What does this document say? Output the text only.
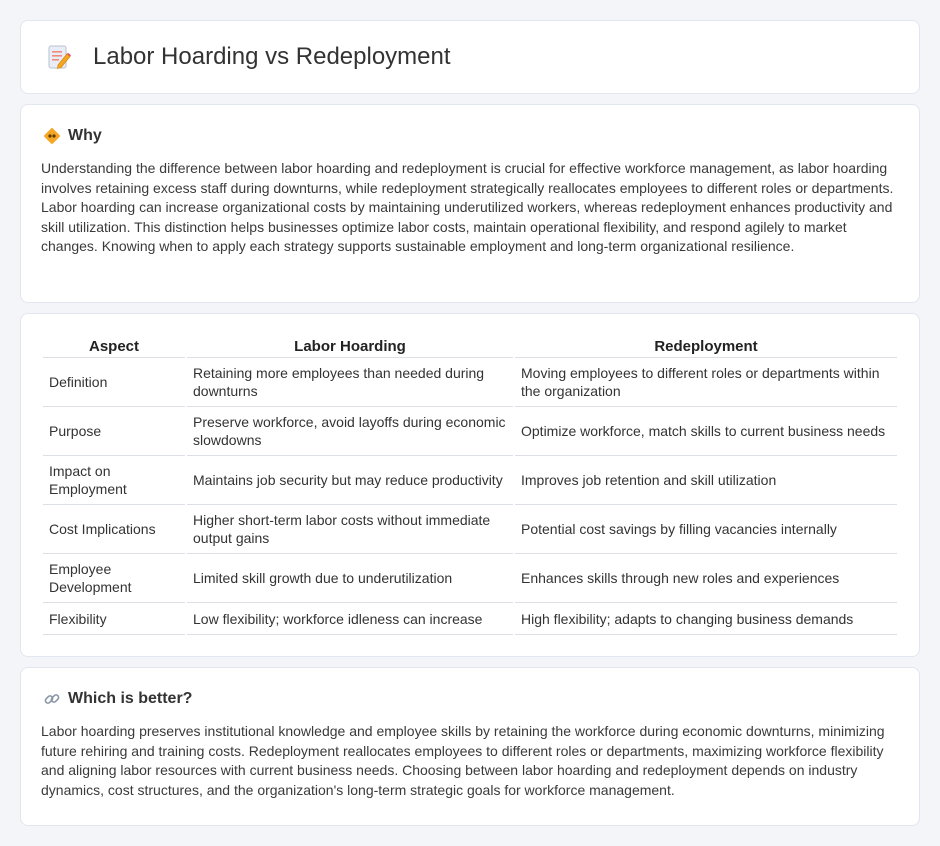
Labor Hoarding vs Redeployment
Why

Understanding the difference between labor hoarding and redeployment is crucial for effective workforce management, as labor hoarding involves retaining excess staff during downturns, while redeployment strategically reallocates employees to different roles or departments. Labor hoarding can increase organizational costs by maintaining underutilized workers, whereas redeployment enhances productivity and skill utilization. This distinction helps businesses optimize labor costs, maintain operational flexibility, and respond agilely to market changes. Knowing when to apply each strategy supports sustainable employment and long-term organizational resilience.

Aspect	Labor Hoarding	Redeployment
Definition	Retaining more employees than needed during downturns	Moving employees to different roles or departments within the organization
Purpose	Preserve workforce, avoid layoffs during economic slowdowns	Optimize workforce, match skills to current business needs
Impact on Employment	Maintains job security but may reduce productivity	Improves job retention and skill utilization
Cost Implications	Higher short-term labor costs without immediate output gains	Potential cost savings by filling vacancies internally
Employee Development	Limited skill growth due to underutilization	Enhances skills through new roles and experiences
Flexibility	Low flexibility; workforce idleness can increase	High flexibility; adapts to changing business demands
Which is better?

Labor hoarding preserves institutional knowledge and employee skills by retaining the workforce during economic downturns, minimizing future rehiring and training costs. Redeployment reallocates employees to different roles or departments, maximizing workforce flexibility and aligning labor resources with current business needs. Choosing between labor hoarding and redeployment depends on industry dynamics, cost structures, and the organization's long-term strategic goals for workforce management.
